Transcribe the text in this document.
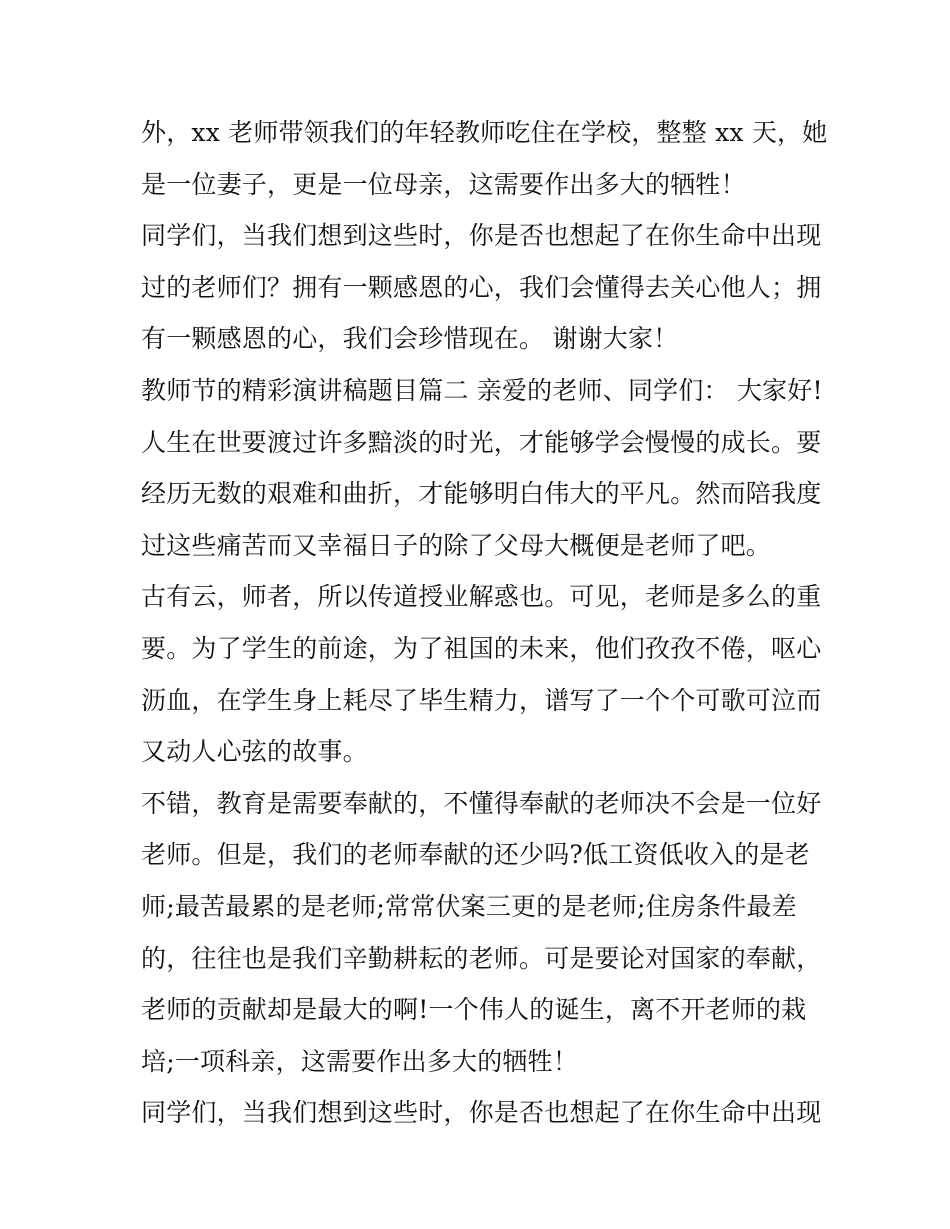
外，xx 老师带领我们的年轻教师吃住在学校，整整 xx 天，她
是一位妻子，更是一位母亲，这需要作出多大的牺牲！
同学们，当我们想到这些时，你是否也想起了在你生命中出现
过的老师们？拥有一颗感恩的心，我们会懂得去关心他人；拥
有一颗感恩的心，我们会珍惜现在。 谢谢大家！
教师节的精彩演讲稿题目篇二 亲爱的老师、同学们： 大家好!
人生在世要渡过许多黯淡的时光，才能够学会慢慢的成长。要
经历无数的艰难和曲折，才能够明白伟大的平凡。然而陪我度
过这些痛苦而又幸福日子的除了父母大概便是老师了吧。
古有云，师者，所以传道授业解惑也。可见，老师是多么的重
要。为了学生的前途，为了祖国的未来，他们孜孜不倦，呕心
沥血，在学生身上耗尽了毕生精力，谱写了一个个可歌可泣而
又动人心弦的故事。
不错，教育是需要奉献的，不懂得奉献的老师决不会是一位好
老师。但是，我们的老师奉献的还少吗?低工资低收入的是老
师;最苦最累的是老师;常常伏案三更的是老师;住房条件最差
的，往往也是我们辛勤耕耘的老师。可是要论对国家的奉献，
老师的贡献却是最大的啊!一个伟人的诞生，离不开老师的栽
培;一项科亲，这需要作出多大的牺牲！
同学们，当我们想到这些时，你是否也想起了在你生命中出现
